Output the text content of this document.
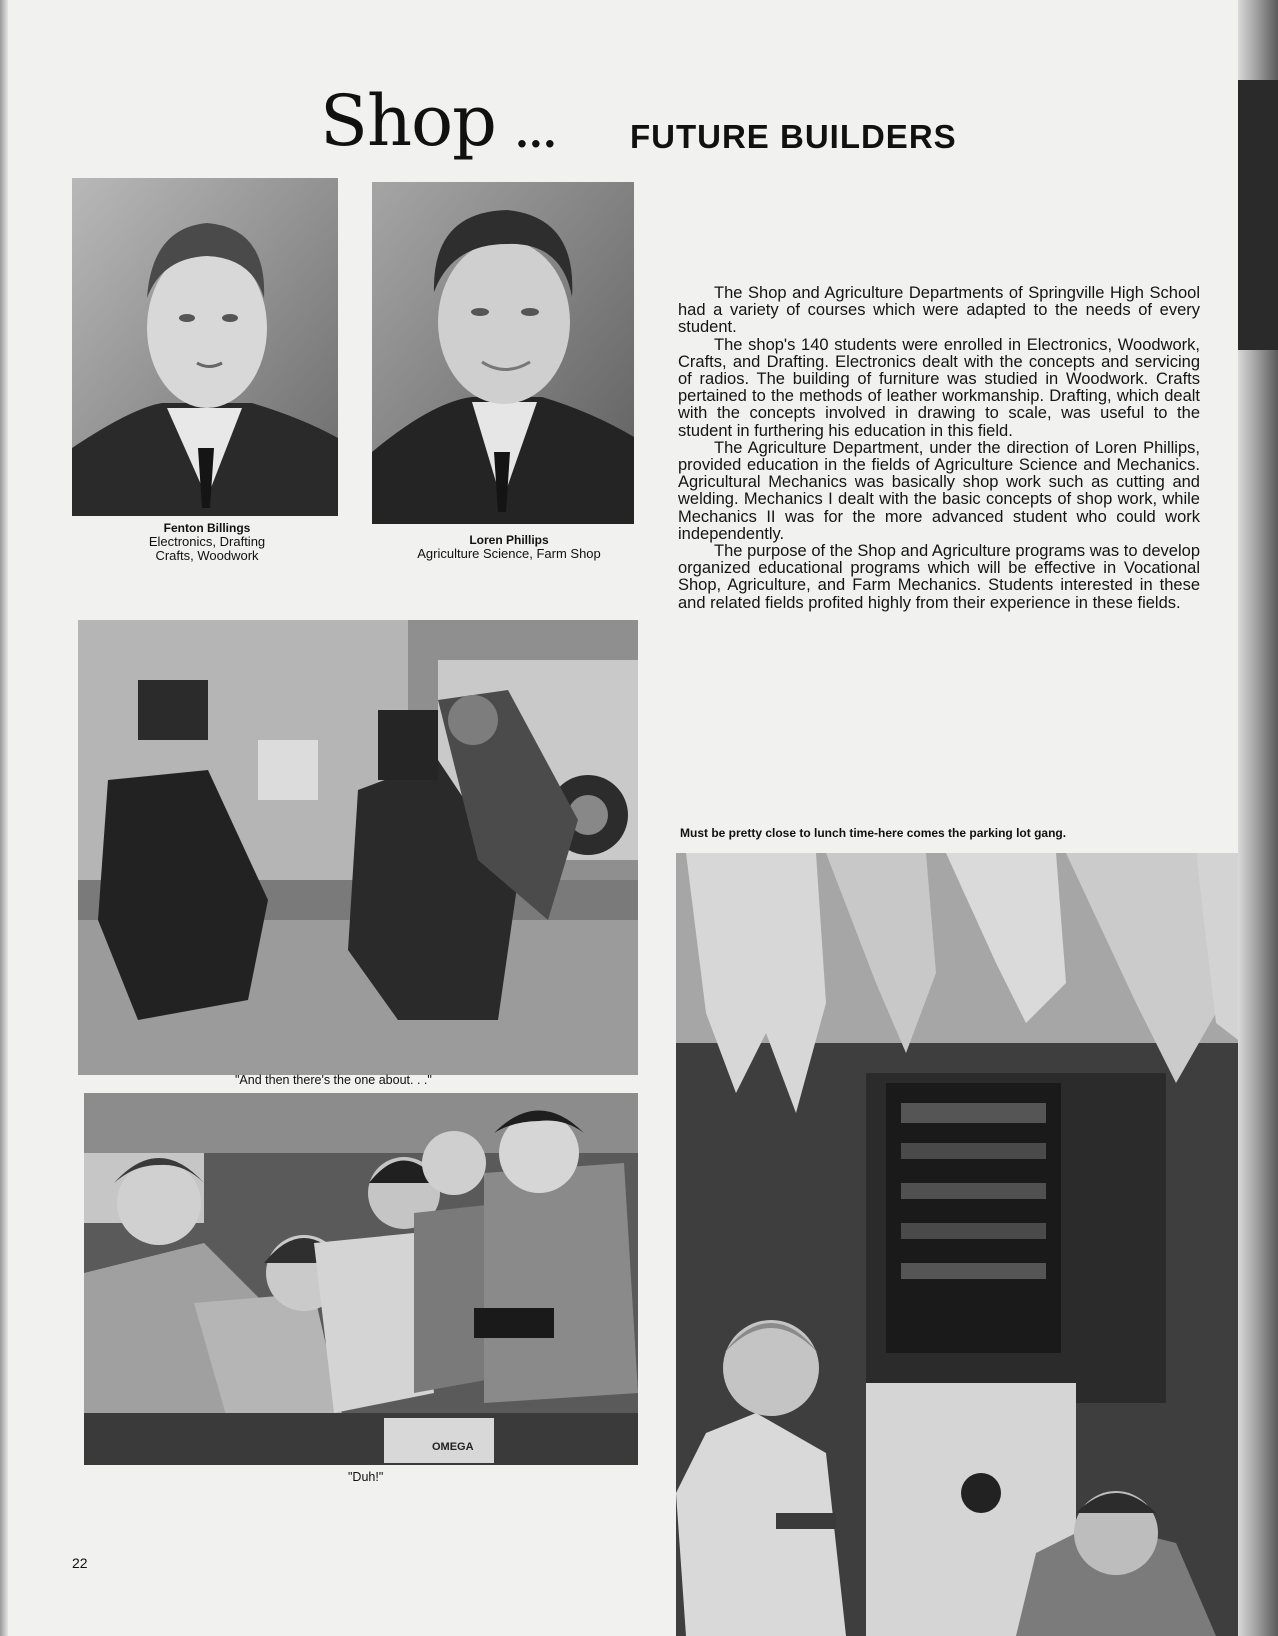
Shop ... FUTURE BUILDERS
Fenton Billings
Electronics, Drafting
Crafts, Woodwork
Loren Phillips
Agriculture Science, Farm Shop

The Shop and Agriculture Departments of Springville High School had a variety of courses which were adapted to the needs of every student.

The shop's 140 students were enrolled in Electronics, Woodwork, Crafts, and Drafting. Electronics dealt with the concepts and servicing of radios. The building of furniture was studied in Woodwork. Crafts pertained to the methods of leather workmanship. Drafting, which dealt with the concepts involved in drawing to scale, was useful to the student in furthering his education in this field.

The Agriculture Department, under the direction of Loren Phillips, provided education in the fields of Agriculture Science and Mechanics. Agricultural Mechanics was basically shop work such as cutting and welding. Mechanics I dealt with the basic concepts of shop work, while Mechanics II was for the more advanced student who could work independently.

The purpose of the Shop and Agriculture programs was to develop organized educational programs which will be effective in Vocational Shop, Agriculture, and Farm Mechanics. Students interested in these and related fields profited highly from their experience in these fields.

"And then there's the one about. . ."
OMEGA
"Duh!"
Must be pretty close to lunch time-here comes the parking lot gang.
22
